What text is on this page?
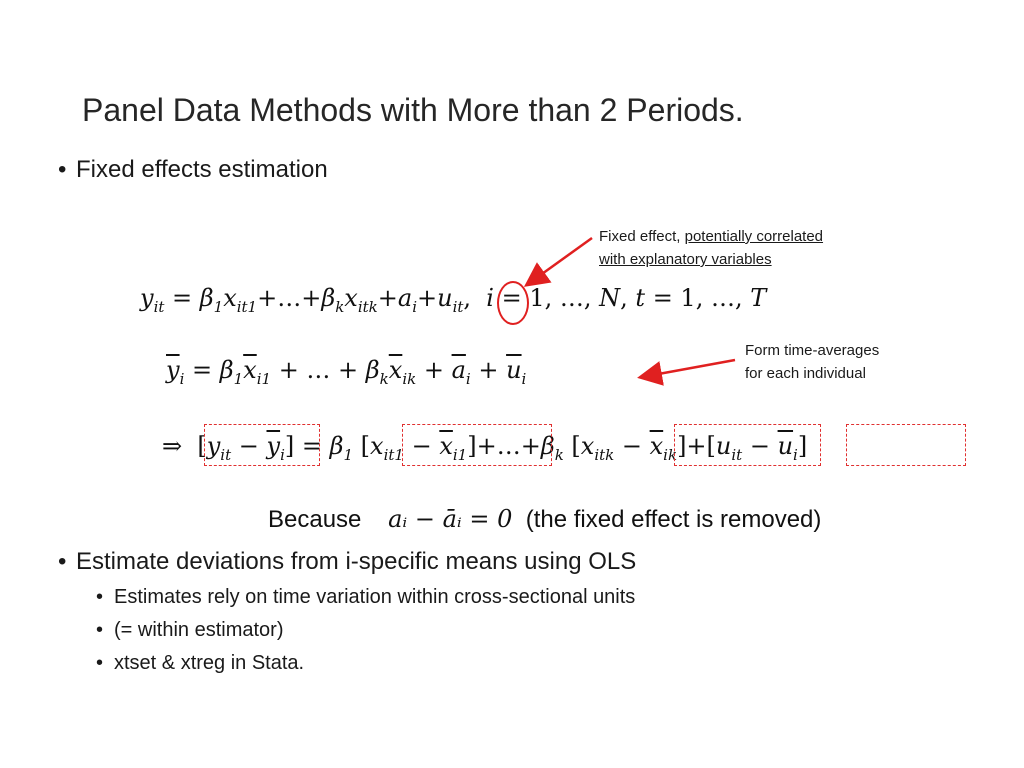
Panel Data Methods with More than 2 Periods.
• Fixed effects estimation
Fixed effect, potentially correlated
with explanatory variables
$y_{it}$ = $\beta_1x_{it1}+\dots+\beta_kx_{itk}+a_i+u_{it}$,  i = 1, …, N, t = 1, …, T
Form time-averages
for each individual
$\overline{y}_i = \beta_1\overline{x}_{i1}$ + … + $\beta_k\overline{x}_{ik} + \overline{a}_i + \overline{u}_i$
⇒  $[y_{it} - \overline{y}_i] = \beta_1$ [$x_{it1}$ − $\overline{x}_{i1}]+\dots+\beta_k$ $[x_{itk} - \overline{x}_{ik}]+[u_{it} - \overline{u}_i]$
Because aᵢ − āᵢ = 0 (the fixed effect is removed)
• Estimate deviations from i-specific means using OLS
• Estimates rely on time variation within cross-sectional units
• (= within estimator)
• xtset & xtreg in Stata.
